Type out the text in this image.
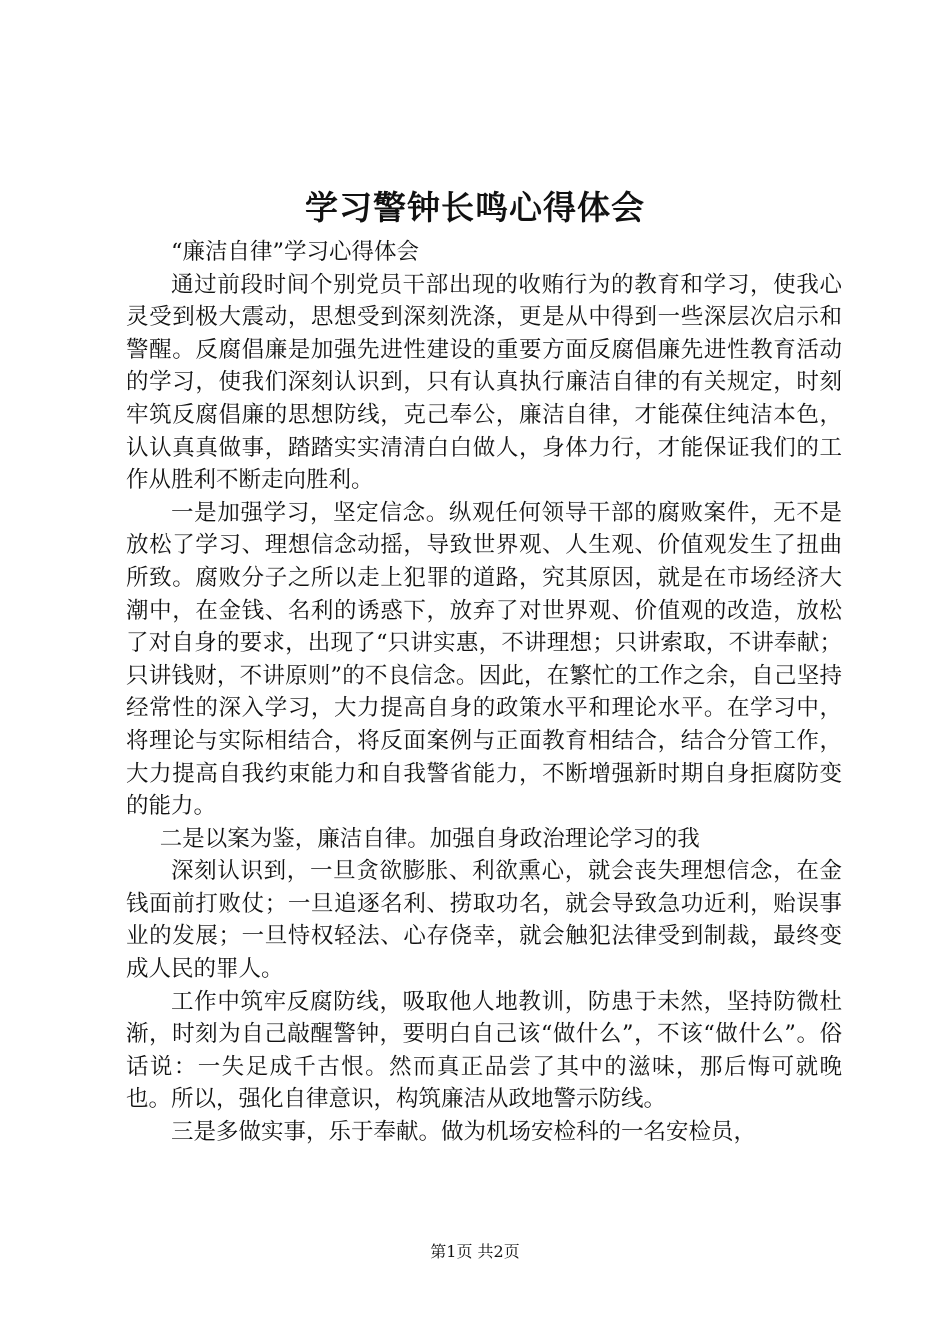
学习警钟长鸣心得体会

“廉洁自律”学习心得体会

通过前段时间个别党员干部出现的收贿行为的教育和学习，使我心灵受到极大震动，思想受到深刻洗涤，更是从中得到一些深层次启示和警醒。反腐倡廉是加强先进性建设的重要方面反腐倡廉先进性教育活动的学习，使我们深刻认识到，只有认真执行廉洁自律的有关规定，时刻牢筑反腐倡廉的思想防线，克己奉公，廉洁自律，才能葆住纯洁本色，认认真真做事，踏踏实实清清白白做人，身体力行，才能保证我们的工作从胜利不断走向胜利。

一是加强学习，坚定信念。纵观任何领导干部的腐败案件，无不是放松了学习、理想信念动摇，导致世界观、人生观、价值观发生了扭曲所致。腐败分子之所以走上犯罪的道路，究其原因，就是在市场经济大潮中，在金钱、名利的诱惑下，放弃了对世界观、价值观的改造，放松了对自身的要求，出现了“只讲实惠，不讲理想；只讲索取，不讲奉献；只讲钱财，不讲原则”的不良信念。因此，在繁忙的工作之余，自己坚持经常性的深入学习，大力提高自身的政策水平和理论水平。在学习中，将理论与实际相结合，将反面案例与正面教育相结合，结合分管工作，大力提高自我约束能力和自我警省能力，不断增强新时期自身拒腐防变的能力。

二是以案为鉴，廉洁自律。加强自身政治理论学习的我

深刻认识到，一旦贪欲膨胀、利欲熏心，就会丧失理想信念，在金钱面前打败仗；一旦追逐名利、捞取功名，就会导致急功近利，贻误事业的发展；一旦恃权轻法、心存侥幸，就会触犯法律受到制裁，最终变成人民的罪人。

工作中筑牢反腐防线，吸取他人地教训，防患于未然，坚持防微杜渐，时刻为自己敲醒警钟，要明白自己该“做什么”，不该“做什么”。俗话说：一失足成千古恨。然而真正品尝了其中的滋味，那后悔可就晚也。所以，强化自律意识，构筑廉洁从政地警示防线。

三是多做实事，乐于奉献。做为机场安检科的一名安检员，

第1页 共2页
